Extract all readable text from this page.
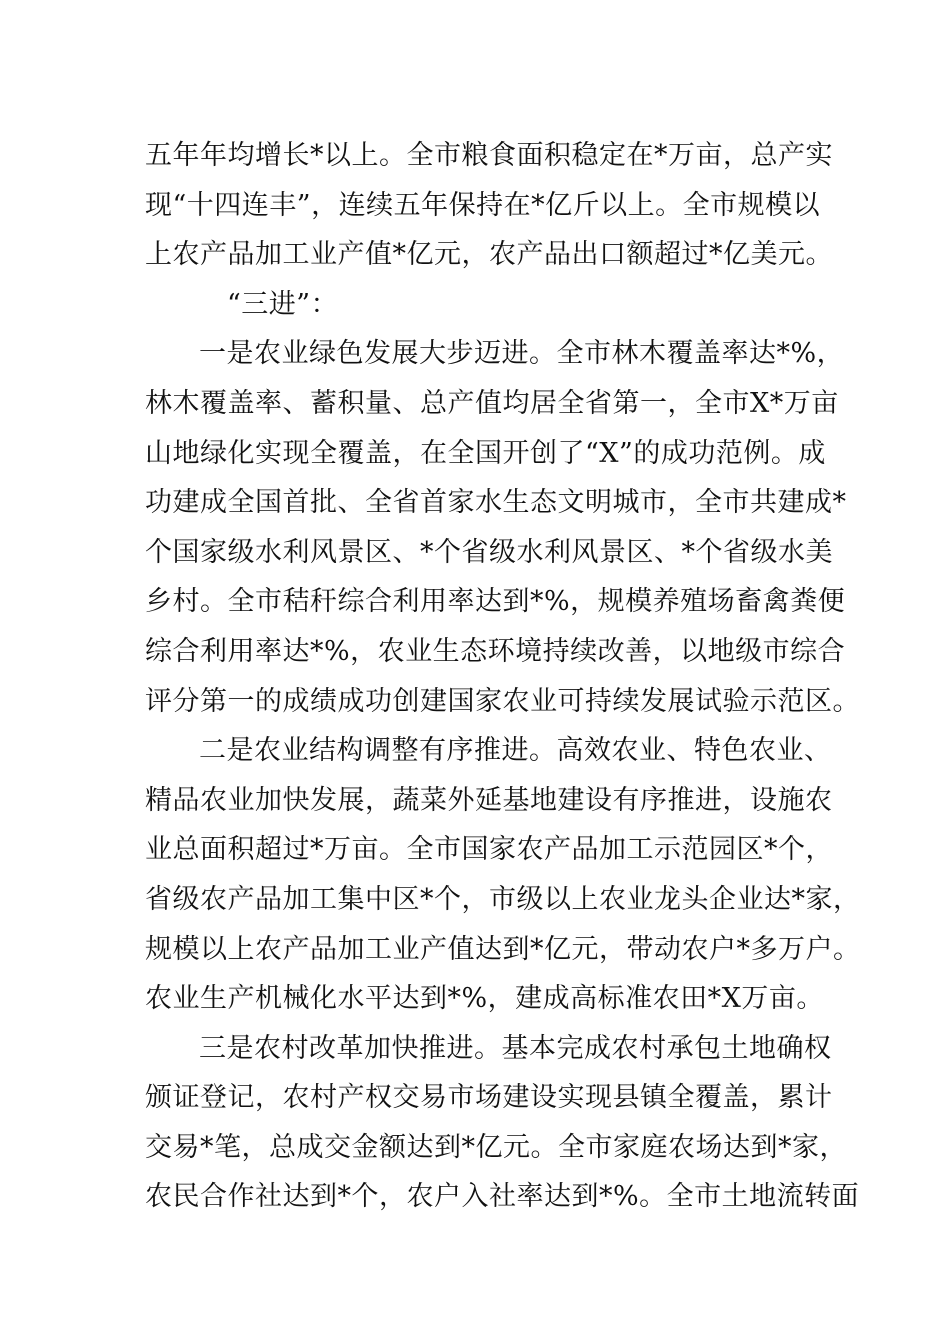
五年年均增长*以上。全市粮食面积稳定在*万亩，总产实
现“十四连丰”，连续五年保持在*亿斤以上。全市规模以
上农产品加工业产值*亿元，农产品出口额超过*亿美元。
“三进”：
一是农业绿色发展大步迈进。全市林木覆盖率达*%，
林木覆盖率、蓄积量、总产值均居全省第一，全市X*万亩
山地绿化实现全覆盖，在全国开创了“X”的成功范例。成
功建成全国首批、全省首家水生态文明城市，全市共建成*
个国家级水利风景区、*个省级水利风景区、*个省级水美
乡村。全市秸秆综合利用率达到*%，规模养殖场畜禽粪便
综合利用率达*%，农业生态环境持续改善，以地级市综合
评分第一的成绩成功创建国家农业可持续发展试验示范区。
二是农业结构调整有序推进。高效农业、特色农业、
精品农业加快发展，蔬菜外延基地建设有序推进，设施农
业总面积超过*万亩。全市国家农产品加工示范园区*个，
省级农产品加工集中区*个，市级以上农业龙头企业达*家，
规模以上农产品加工业产值达到*亿元，带动农户*多万户。
农业生产机械化水平达到*%，建成高标准农田*X万亩。
三是农村改革加快推进。基本完成农村承包土地确权
颁证登记，农村产权交易市场建设实现县镇全覆盖，累计
交易*笔，总成交金额达到*亿元。全市家庭农场达到*家，
农民合作社达到*个，农户入社率达到*%。全市土地流转面
